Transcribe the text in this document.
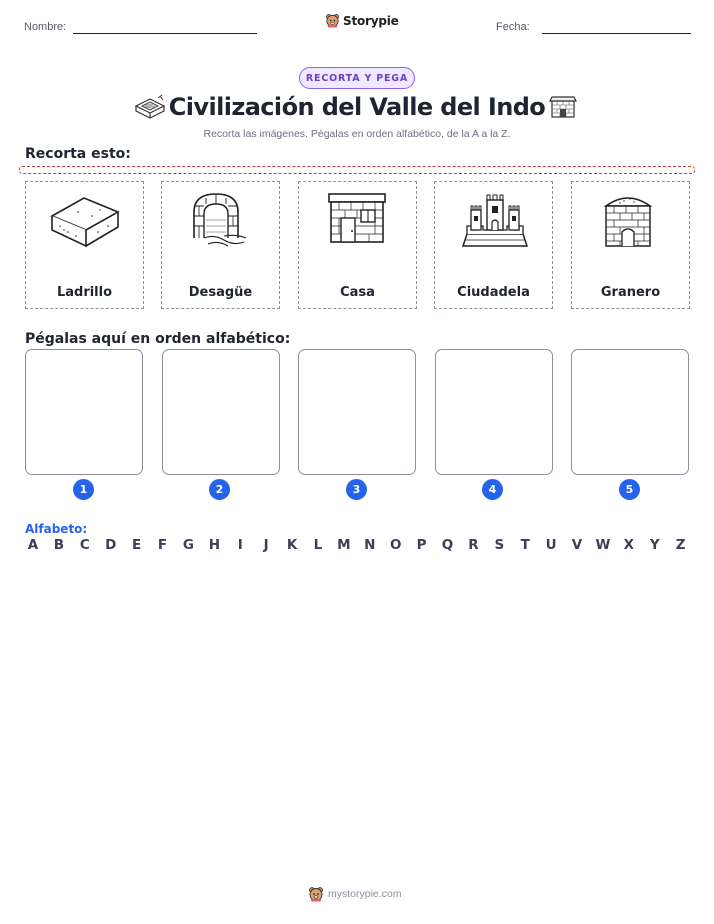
Nombre:	Storypie	Fecha:
RECORTA Y PEGA
Civilización del Valle del Indo
Recorta las imágenes. Pégalas en orden alfabético, de la A a la Z.
Recorta esto:
Ladrillo	Desagüe	Casa	Ciudadela	Granero
Pégalas aquí en orden alfabético:
1	2	3	4	5
Alfabeto:
A B C D E F G H	I	J	K L M N O P Q R S T U V W X Y Z
mystorypie.com
